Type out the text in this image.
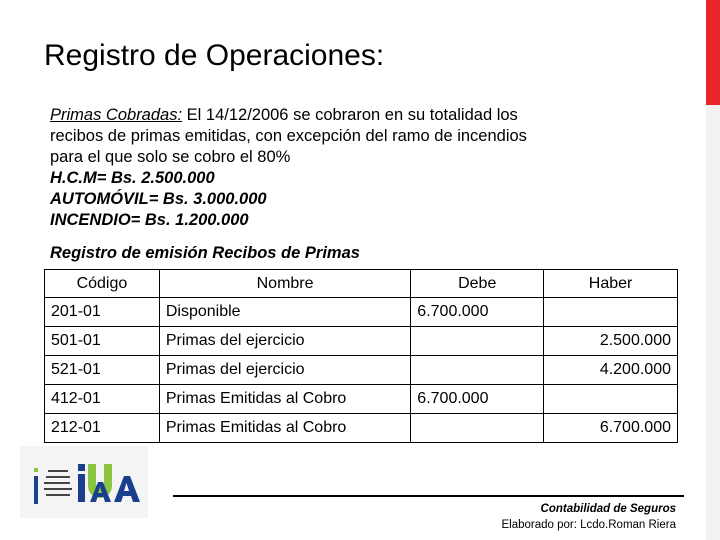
Registro de Operaciones:
Primas Cobradas: El 14/12/2006 se cobraron en su totalidad los
recibos de primas emitidas, con excepción del ramo de incendios
para el que solo se cobro el 80%
H.C.M= Bs. 2.500.000
AUTOMÓVIL= Bs. 3.000.000
INCENDIO= Bs. 1.200.000
Registro de emisión Recibos de Primas
Código	Nombre	Debe	Haber
201-01	Disponible	6.700.000	
501-01	Primas del ejercicio		2.500.000
521-01	Primas del ejercicio		4.200.000
412-01	Primas Emitidas al Cobro	6.700.000	
212-01	Primas Emitidas al Cobro		6.700.000
Contabilidad de Seguros
Elaborado por: Lcdo.Roman Riera
